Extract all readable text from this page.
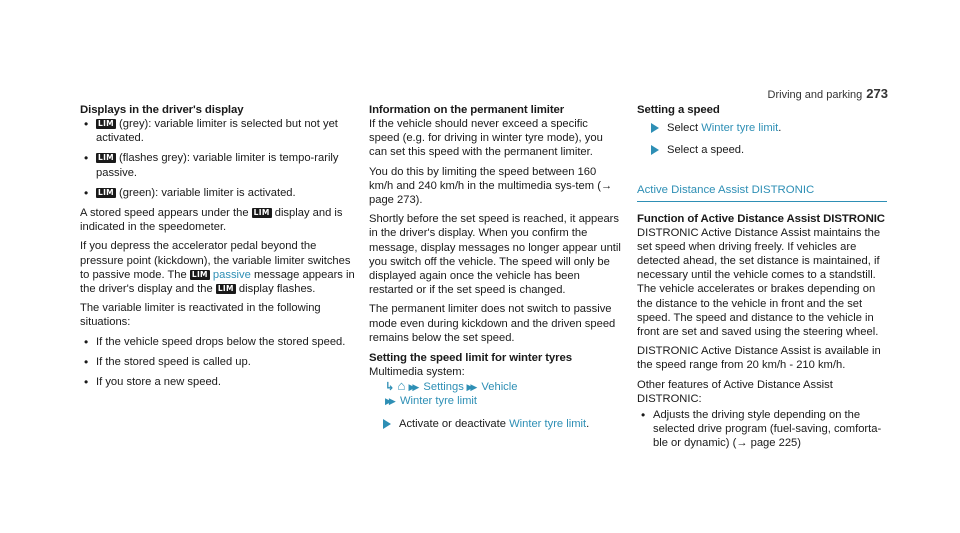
Driving and parking 273
Displays in the driver's display
• LIM (grey): variable limiter is selected but not yet activated.
• LIM (flashes grey): variable limiter is tempo-rarily passive.
• LIM (green): variable limiter is activated.

A stored speed appears under the LIM display and is indicated in the speedometer.

If you depress the accelerator pedal beyond the pressure point (kickdown), the variable limiter switches to passive mode. The LIM passive message appears in the driver's display and the LIM display flashes.

The variable limiter is reactivated in the following situations:

• If the vehicle speed drops below the stored speed.
• If the stored speed is called up.
• If you store a new speed.
Information on the permanent limiter

If the vehicle should never exceed a specific speed (e.g. for driving in winter tyre mode), you can set this speed with the permanent limiter.

You do this by limiting the speed between 160 km/h and 240 km/h in the multimedia sys-tem (→ page 273).

Shortly before the set speed is reached, it appears in the driver's display. When you confirm the message, display messages no longer appear until you switch off the vehicle. The speed will only be displayed again once the vehicle has been restarted or if the set speed is changed.

The permanent limiter does not switch to passive mode even during kickdown and the driven speed remains below the set speed.

Setting the speed limit for winter tyres
Multimedia system:
↳ ⌂ ▶▶ Settings  ▶▶ Vehicle
▶▶ Winter tyre limit
Activate or deactivate Winter tyre limit.
Setting a speed
Select Winter tyre limit.
Select a speed.
Active Distance Assist DISTRONIC
Function of Active Distance Assist DISTRONIC

DISTRONIC Active Distance Assist maintains the set speed when driving freely. If vehicles are detected ahead, the set distance is maintained, if necessary until the vehicle comes to a standstill. The vehicle accelerates or brakes depending on the distance to the vehicle in front and the set speed. The speed and distance to the vehicle in front are set and saved using the steering wheel.

DISTRONIC Active Distance Assist is available in the speed range from 20 km/h - 210 km/h.

Other features of Active Distance Assist DISTRONIC:

• Adjusts the driving style depending on the selected drive program (fuel-saving, comforta-ble or dynamic) (→ page 225)
